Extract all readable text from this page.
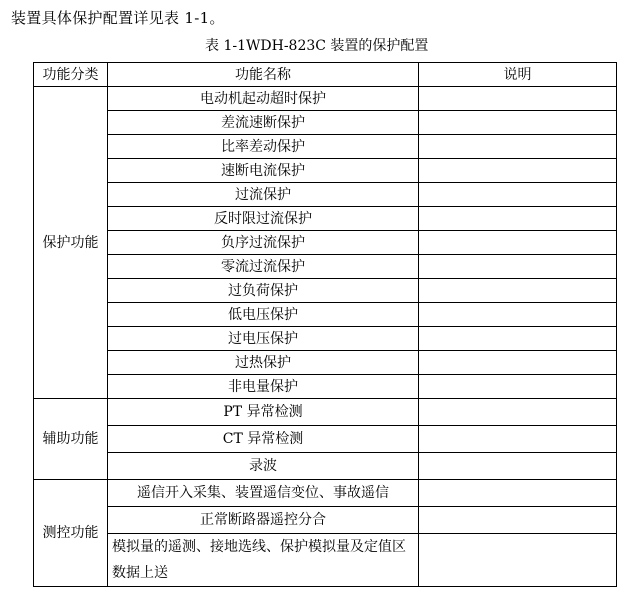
装置具体保护配置详见表 1-1。
表 1-1WDH-823C 装置的保护配置
功能分类	功能名称	说明
保护功能	电动机起动超时保护	
	差流速断保护	
	比率差动保护	
	速断电流保护	
	过流保护	
	反时限过流保护	
	负序过流保护	
	零流过流保护	
	过负荷保护	
	低电压保护	
	过电压保护	
	过热保护	
	非电量保护	
辅助功能	PT 异常检测	
	CT 异常检测	
	录波	
测控功能	遥信开入采集、装置遥信变位、事故遥信	
	正常断路器遥控分合	
	模拟量的遥测、接地选线、保护模拟量及定值区数据上送	
